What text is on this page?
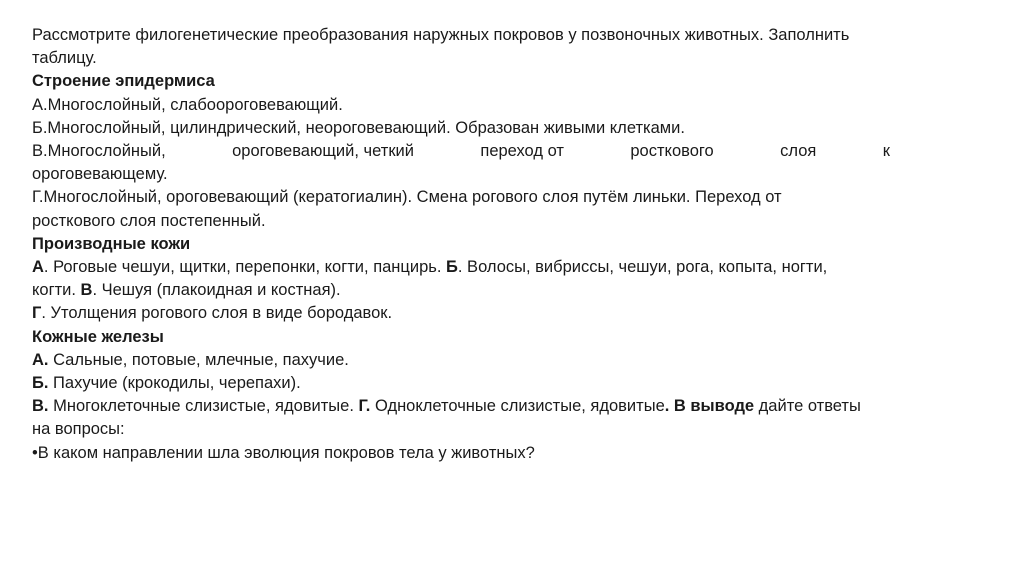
Рассмотрите филогенетические преобразования наружных покровов у позвоночных животных. Заполнить
таблицу.
Строение эпидермиса
А.Многослойный, слабоороговевающий.
Б.Многослойный, цилиндрический, неороговевающий. Образован живыми клетками.
В.Многослойный,	ороговевающий, четкий	переход от	росткового	слоя	к
ороговевающему.
Г.Многослойный, ороговевающий (кератогиалин). Смена рогового слоя путём линьки. Переход от
росткового слоя постепенный.
Производные кожи
А. Роговые чешуи, щитки, перепонки, когти, панцирь. Б. Волосы, вибриссы, чешуи, рога, копыта, ногти,
когти. В. Чешуя (плакоидная и костная).
Г. Утолщения рогового слоя в виде бородавок.
Кожные железы
А. Сальные, потовые, млечные, пахучие.
Б. Пахучие (крокодилы, черепахи).
В. Многоклеточные слизистые, ядовитые. Г. Одноклеточные слизистые, ядовитые. В выводе дайте ответы
на вопросы:
•В каком направлении шла эволюция покровов тела у животных?
